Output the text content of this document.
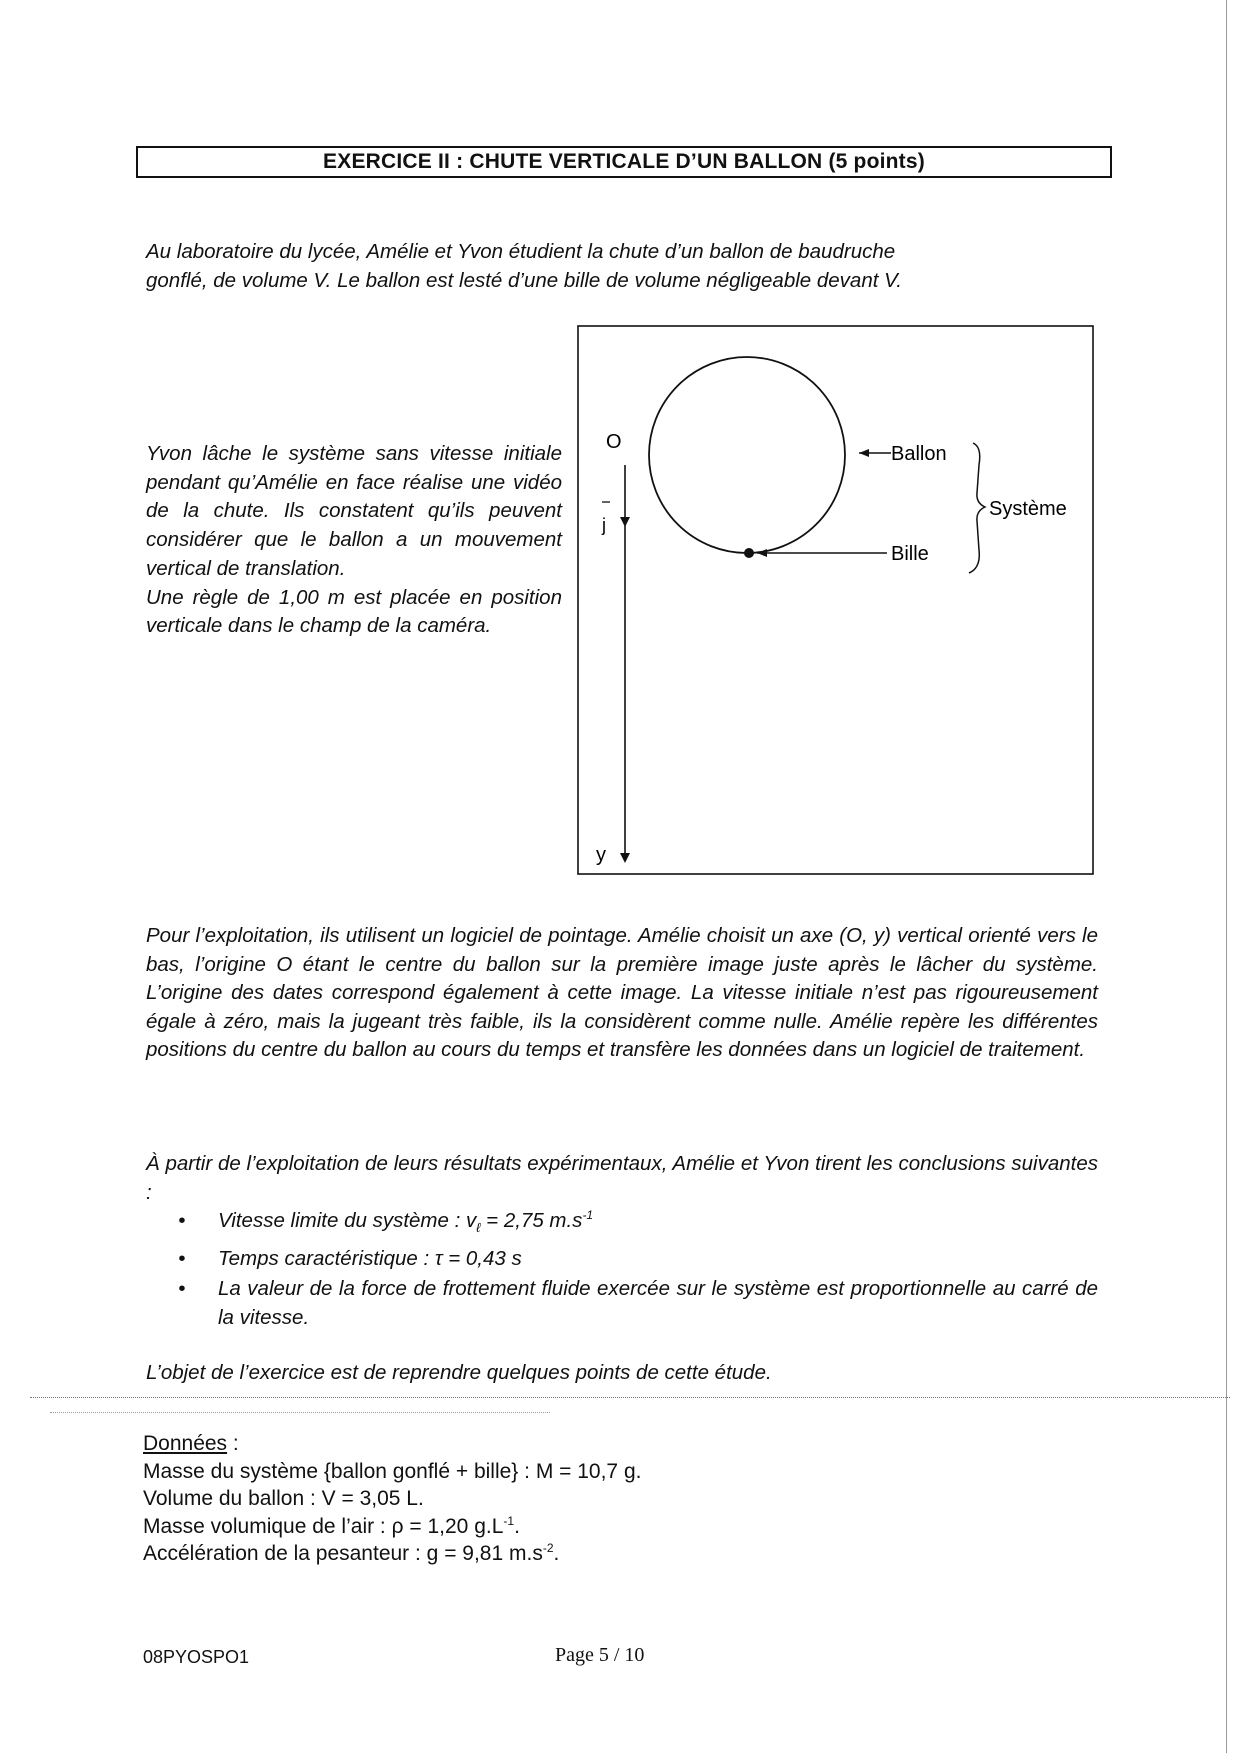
EXERCICE II : CHUTE VERTICALE D’UN BALLON (5 points)
Au laboratoire du lycée, Amélie et Yvon étudient la chute d’un ballon de baudruche
gonflé, de volume V. Le ballon est lesté d’une bille de volume négligeable devant V.
Yvon lâche le système sans vitesse initiale pendant qu’Amélie en face réalise une vidéo de la chute. Ils constatent qu’ils peuvent considérer que le ballon a un mouvement vertical de translation.
Une règle de 1,00 m est placée en position verticale dans le champ de la caméra.
O
j
y
Ballon
Bille
Système
Pour l’exploitation, ils utilisent un logiciel de pointage. Amélie choisit un axe (O, y) vertical orienté vers le bas, l’origine O étant le centre du ballon sur la première image juste après le lâcher du système. L’origine des dates correspond également à cette image. La vitesse initiale n’est pas rigoureusement égale à zéro, mais la jugeant très faible, ils la considèrent comme nulle. Amélie repère les différentes positions du centre du ballon au cours du temps et transfère les données dans un logiciel de traitement.
À partir de l’exploitation de leurs résultats expérimentaux, Amélie et Yvon tirent les conclusions suivantes :
•	Vitesse limite du système : $v_\ell = 2,75$ $m.s^{-1}$
•	Temps caractéristique : τ = 0,43 s
•	La valeur de la force de frottement fluide exercée sur le système est proportionnelle au carré de la vitesse.
L’objet de l’exercice est de reprendre quelques points de cette étude.
Données :
Masse du système {ballon gonflé + bille} : M = 10,7 g.
Volume du ballon : V = 3,05 L.
Masse volumique de l’air : ρ = 1,20 $g.L^{-1}$.
Accélération de la pesanteur : g = 9,81 $m.s^{-2}$.
08PYOSPO1	Page 5 / 10
